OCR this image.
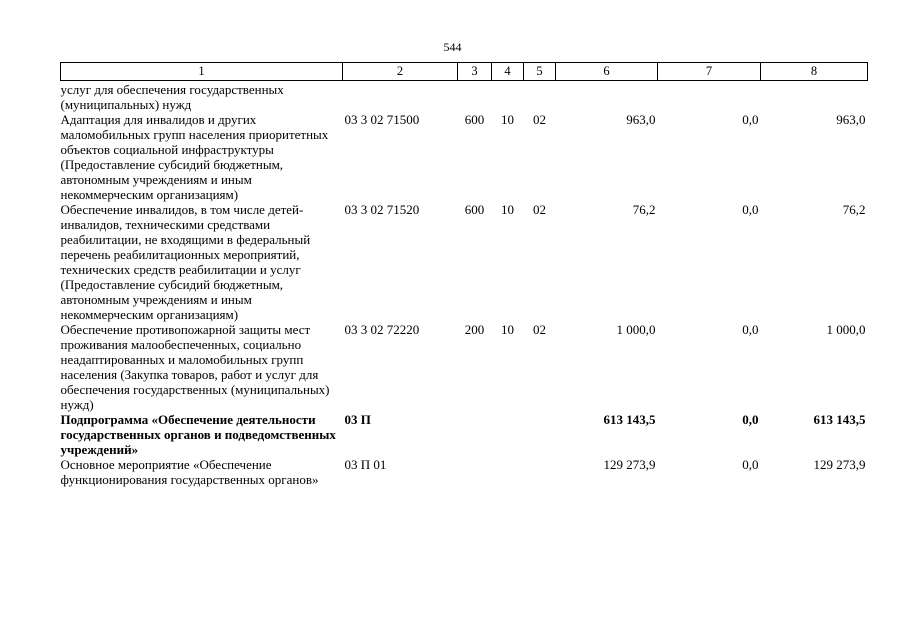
544
1	2	3	4	5	6	7	8
услуг для обеспечения государственных (муниципальных) нужд							
Адаптация для инвалидов и других маломобильных групп населения приоритетных объектов социальной инфраструктуры (Предоставление субсидий бюджетным, автономным учреждениям и иным некоммерческим организациям)	03 3 02 71500	600	10	02	963,0	0,0	963,0
Обеспечение инвалидов, в том числе детей-инвалидов, техническими средствами реабилитации, не входящими в федеральный перечень реабилитационных мероприятий, технических средств реабилитации и услуг (Предоставление субсидий бюджетным, автономным учреждениям и иным некоммерческим организациям)	03 3 02 71520	600	10	02	76,2	0,0	76,2
Обеспечение противопожарной защиты мест проживания малообеспеченных, социально неадаптированных и маломобильных групп населения (Закупка товаров, работ и услуг для обеспечения государственных (муниципальных) нужд)	03 3 02 72220	200	10	02	1 000,0	0,0	1 000,0
Подпрограмма «Обеспечение деятельности государственных органов и подведомственных учреждений»	03 П				613 143,5	0,0	613 143,5
Основное мероприятие «Обеспечение функционирования государственных органов»	03 П 01				129 273,9	0,0	129 273,9
